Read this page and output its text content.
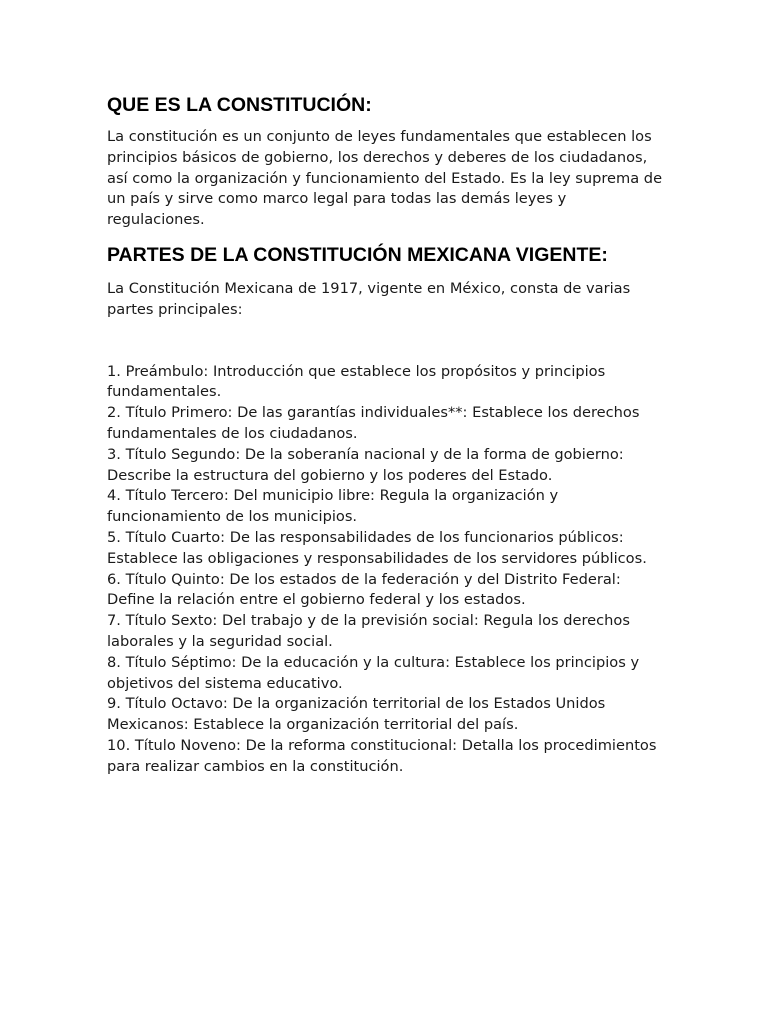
QUE ES LA CONSTITUCIÓN:

La constitución es un conjunto de leyes fundamentales que establecen los principios básicos de gobierno, los derechos y deberes de los ciudadanos, así como la organización y funcionamiento del Estado. Es la ley suprema de un país y sirve como marco legal para todas las demás leyes y regulaciones.

PARTES DE LA CONSTITUCIÓN MEXICANA VIGENTE:

La Constitución Mexicana de 1917, vigente en México, consta de varias partes principales:

1. Preámbulo: Introducción que establece los propósitos y principios fundamentales.

2. Título Primero: De las garantías individuales**: Establece los derechos fundamentales de los ciudadanos.

3. Título Segundo: De la soberanía nacional y de la forma de gobierno: Describe la estructura del gobierno y los poderes del Estado.

4. Título Tercero: Del municipio libre: Regula la organización y funcionamiento de los municipios.

5. Título Cuarto: De las responsabilidades de los funcionarios públicos: Establece las obligaciones y responsabilidades de los servidores públicos.

6. Título Quinto: De los estados de la federación y del Distrito Federal: Define la relación entre el gobierno federal y los estados.

7. Título Sexto: Del trabajo y de la previsión social: Regula los derechos laborales y la seguridad social.

8. Título Séptimo: De la educación y la cultura: Establece los principios y objetivos del sistema educativo.

9. Título Octavo: De la organización territorial de los Estados Unidos Mexicanos: Establece la organización territorial del país.

10. Título Noveno: De la reforma constitucional: Detalla los procedimientos para realizar cambios en la constitución.
